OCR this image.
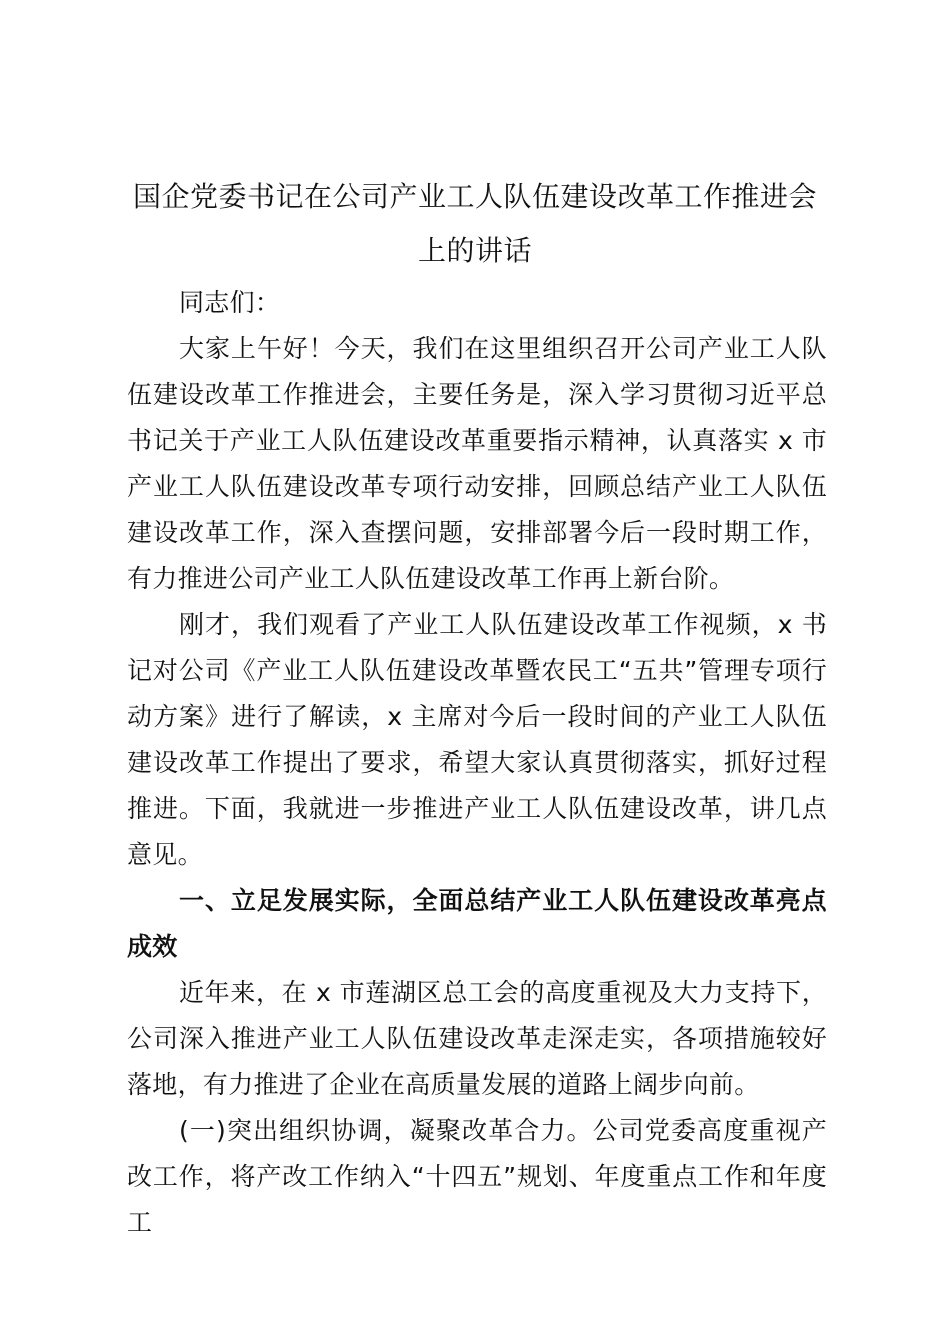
国企党委书记在公司产业工人队伍建设改革工作推进会上的讲话

同志们：

大家上午好！今天，我们在这里组织召开公司产业工人队伍建设改革工作推进会，主要任务是，深入学习贯彻习近平总书记关于产业工人队伍建设改革重要指示精神，认真落实 x 市产业工人队伍建设改革专项行动安排，回顾总结产业工人队伍建设改革工作，深入查摆问题，安排部署今后一段时期工作，有力推进公司产业工人队伍建设改革工作再上新台阶。

刚才，我们观看了产业工人队伍建设改革工作视频，x 书记对公司《产业工人队伍建设改革暨农民工“五共”管理专项行动方案》进行了解读，x 主席对今后一段时间的产业工人队伍建设改革工作提出了要求，希望大家认真贯彻落实，抓好过程推进。下面，我就进一步推进产业工人队伍建设改革，讲几点意见。

一、立足发展实际，全面总结产业工人队伍建设改革亮点成效

近年来，在 x 市莲湖区总工会的高度重视及大力支持下，公司深入推进产业工人队伍建设改革走深走实，各项措施较好落地，有力推进了企业在高质量发展的道路上阔步向前。

(一)突出组织协调，凝聚改革合力。公司党委高度重视产改工作，将产改工作纳入“十四五”规划、年度重点工作和年度工
